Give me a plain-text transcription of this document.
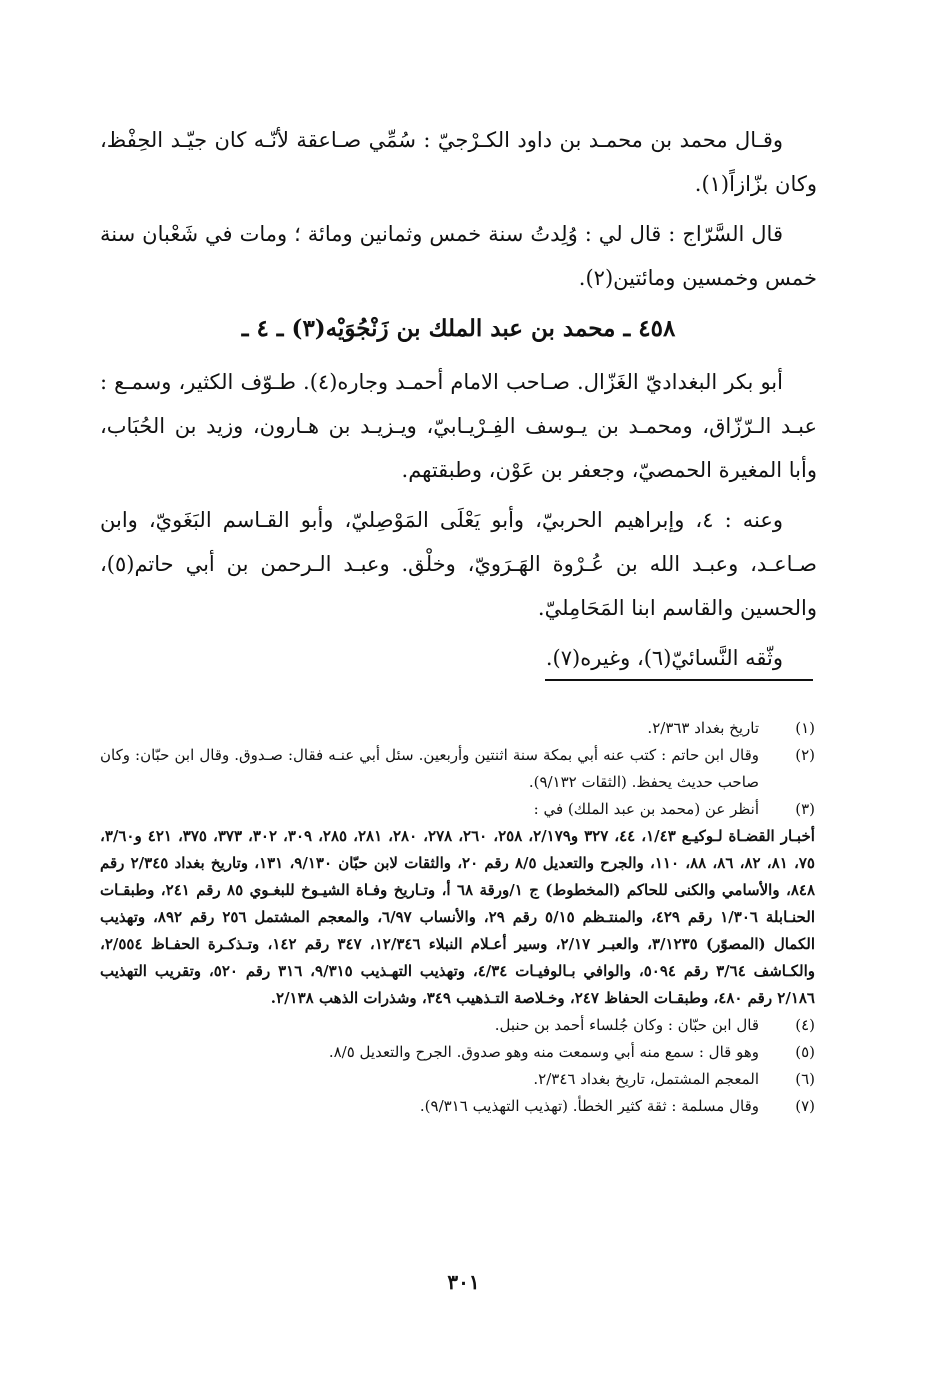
وقـال محمد بن محمـد بن داود الكـرْجيّ : سُمِّي صـاعقة لأنّـه كان جيّـد الحِفْظ، وكان بزّازاً(١).

قال السَّرّاج : قال لي : وُلِدتُ سنة خمس وثمانين ومائة ؛ ومات في شَعْبان سنة خمس وخمسين ومائتين(٢).

٤٥٨ ـ محمد بن عبد الملك بن زَنْجُوَيْه(٣) ـ ٤ ـ

أبو بكر البغداديّ الغَزّال. صـاحب الامام أحمـد وجاره(٤). طـوّف الكثير، وسمـع : عبـد الـرّزّاق، ومحمـد بن يـوسف الفِـرْيـابيّ، ويـزيـد بن هـارون، وزيد بن الحُبَاب، وأبا المغيرة الحمصيّ، وجعفر بن عَوْن، وطبقتهم.

وعنه : ٤، وإبراهيم الحربيّ، وأبو يَعْلَى المَوْصِليّ، وأبو القـاسم البَغَويّ، وابن صـاعـد، وعبـد الله بن عُـرْوة الهَـرَويّ، وخلْق. وعبـد الـرحمن بن أبي حاتم(٥)، والحسين والقاسم ابنا المَحَامِليّ.

وثّقه النَّسائيّ(٦)، وغيره(٧).

(١)
تاريخ بغداد ٢/٣٦٣.
(٢)
وقال ابن حاتم : كتب عنه أبي بمكة سنة اثنتين وأربعين. سئل أبي عنـه فقال: صـدوق. وقال ابن حبّان: وكان صاحب حديث يحفظ. (الثقات ٩/١٣٢).
(٣)
أنظر عن (محمد بن عبد الملك) في :
أخبـار القضـاة لـوكيـع ١/٤٣، ٤٤، ٣٢٧ و٢/١٧٩، ٢٥٨، ٢٦٠، ٢٧٨، ٢٨٠، ٢٨١، ٢٨٥، ٣٠٩، ٣٠٢، ٣٧٣، ٣٧٥، ٤٢١ و٣/٦٠، ٧٥، ٨١، ٨٢، ٨٦، ٨٨، ١١٠، والجرح والتعديل ٨/٥ رقم ٢٠، والثقات لابن حبّان ٩/١٣٠، ١٣١، وتاريخ بغداد ٢/٣٤٥ رقم ٨٤٨، والأسامي والكنى للحاكم (المخطوط) ج ١/ورقة ٦٨ أ، وتـاريخ وفـاة الشيـوخ للبغـوي ٨٥ رقم ٢٤١، وطبقـات الحنـابلة ١/٣٠٦ رقم ٤٢٩، والمنتـظم ٥/١٥ رقم ٢٩، والأنساب ٦/٩٧، والمعجم المشتمل ٢٥٦ رقم ٨٩٢، وتهذيب الكمال (المصوّر) ٣/١٢٣٥، والعبـر ٢/١٧، وسير أعـلام النبلاء ١٢/٣٤٦، ٣٤٧ رقم ١٤٢، وتـذكـرة الحفـاظ ٢/٥٥٤، والكـاشف ٣/٦٤ رقم ٥٠٩٤، والوافي بـالوفيـات ٤/٣٤، وتهذيب التهـذيب ٩/٣١٥، ٣١٦ رقم ٥٢٠، وتقريب التهذيب ٢/١٨٦ رقم ٤٨٠، وطبقـات الحفاظ ٢٤٧، وخـلاصة التـذهيب ٣٤٩، وشذرات الذهب ٢/١٣٨.
(٤)
قال ابن حبّان : وكان جُلساء أحمد بن حنبل.
(٥)
وهو قال : سمع منه أبي وسمعت منه وهو صدوق. الجرح والتعديل ٨/٥.
(٦)
المعجم المشتمل، تاريخ بغداد ٢/٣٤٦.
(٧)
وقال مسلمة : ثقة كثير الخطأ. (تهذيب التهذيب ٩/٣١٦).
٣٠١
